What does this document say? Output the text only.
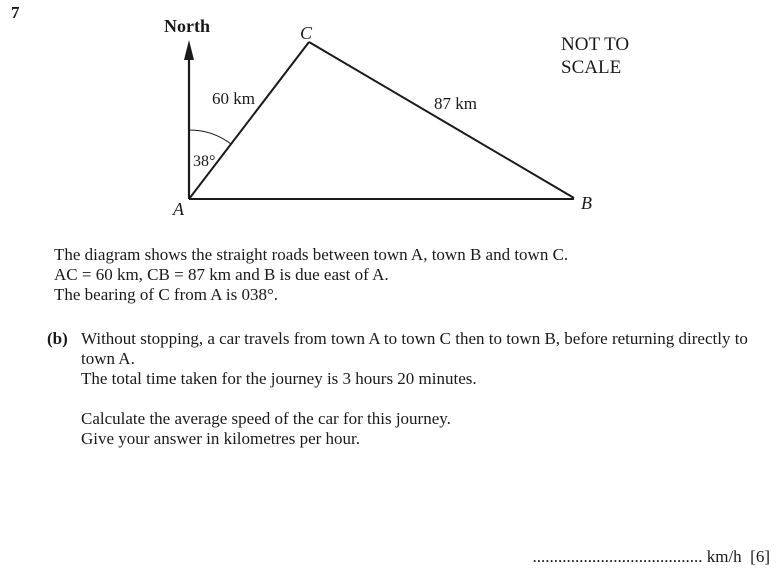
7
North	C
60 km	87 km
38°
A	B
NOT TO
SCALE
The diagram shows the straight roads between town A, town B and town C.
AC = 60 km, CB = 87 km and B is due east of A.
The bearing of C from A is 038°.
(b) Without stopping, a car travels from town A to town C then to town B, before returning directly to
town A.
The total time taken for the journey is 3 hours 20 minutes.
Calculate the average speed of the car for this journey.
Give your answer in kilometres per hour.
........................................ km/h [6]
